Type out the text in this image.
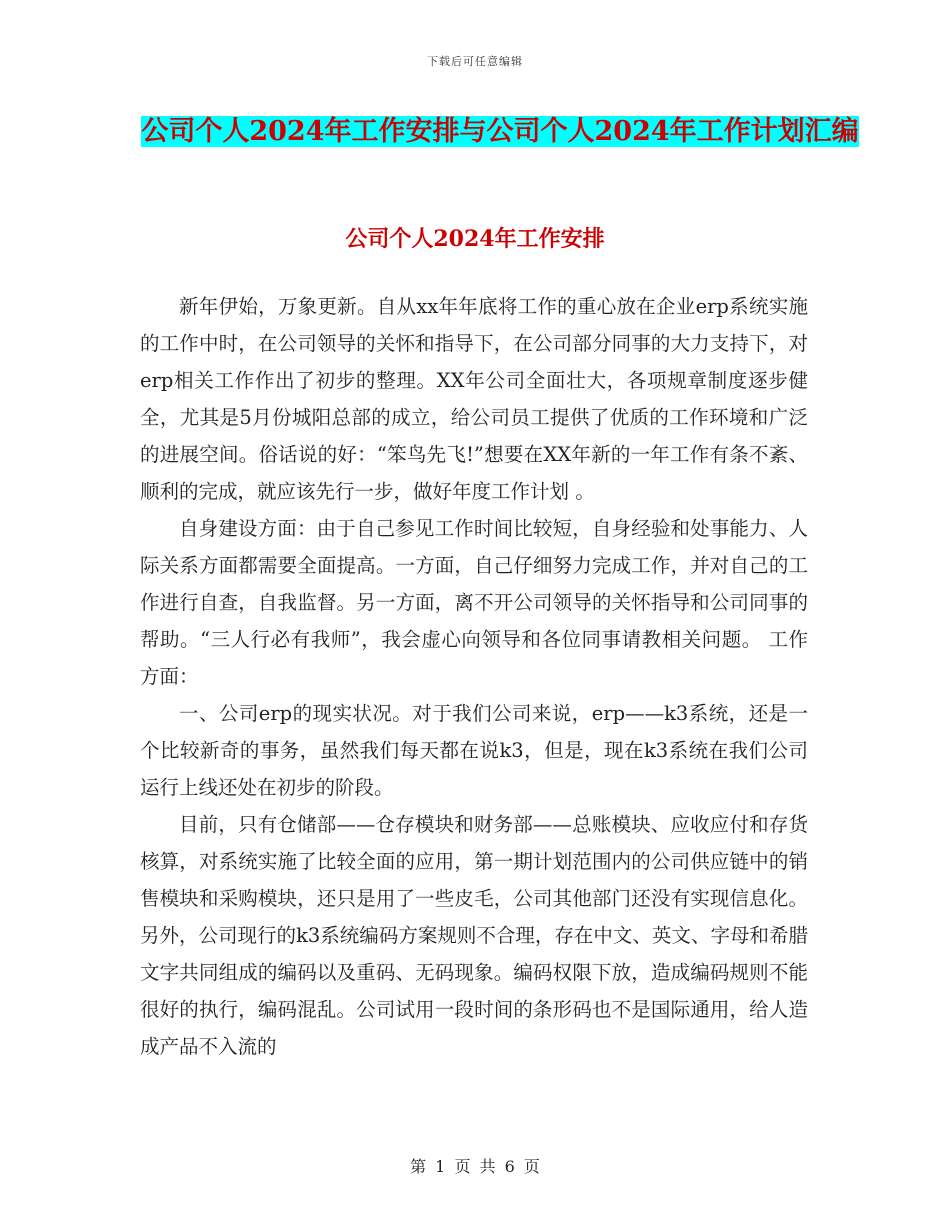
下载后可任意编辑
公司个人2024年工作安排与公司个人2024年工作计划汇编
公司个人2024年工作安排

新年伊始，万象更新。自从xx年年底将工作的重心放在企业erp系统实施的工作中时，在公司领导的关怀和指导下，在公司部分同事的大力支持下，对erp相关工作作出了初步的整理。XX年公司全面壮大，各项规章制度逐步健全，尤其是5月份城阳总部的成立，给公司员工提供了优质的工作环境和广泛的进展空间。俗话说的好：“笨鸟先飞!”想要在XX年新的一年工作有条不紊、顺利的完成，就应该先行一步，做好年度工作计划 。

自身建设方面：由于自己参见工作时间比较短，自身经验和处事能力、人际关系方面都需要全面提高。一方面，自己仔细努力完成工作，并对自己的工作进行自查，自我监督。另一方面，离不开公司领导的关怀指导和公司同事的帮助。“三人行必有我师”，我会虚心向领导和各位同事请教相关问题。 工作方面：

一、公司erp的现实状况。对于我们公司来说，erp——k3系统，还是一个比较新奇的事务，虽然我们每天都在说k3，但是，现在k3系统在我们公司运行上线还处在初步的阶段。

目前，只有仓储部——仓存模块和财务部——总账模块、应收应付和存货核算，对系统实施了比较全面的应用，第一期计划范围内的公司供应链中的销售模块和采购模块，还只是用了一些皮毛，公司其他部门还没有实现信息化。另外，公司现行的k3系统编码方案规则不合理，存在中文、英文、字母和希腊文字共同组成的编码以及重码、无码现象。编码权限下放，造成编码规则不能很好的执行，编码混乱。公司试用一段时间的条形码也不是国际通用，给人造成产品不入流的

第 1 页 共 6 页
